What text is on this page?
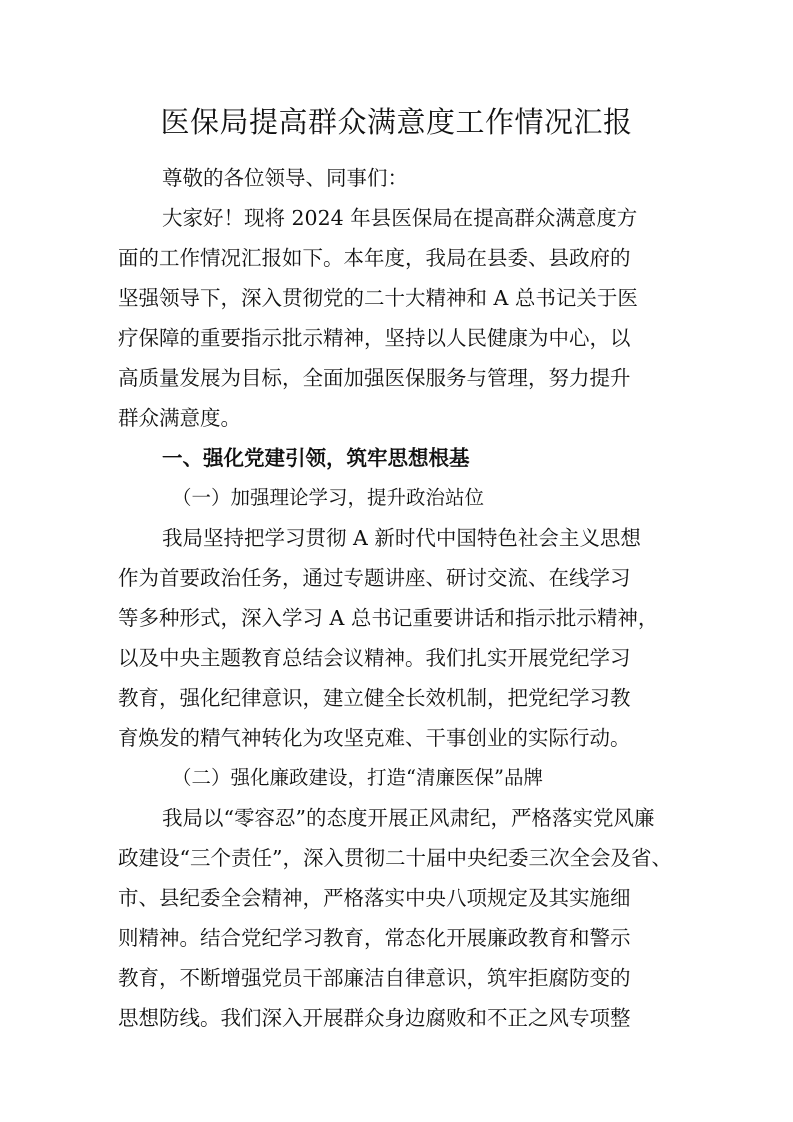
医保局提高群众满意度工作情况汇报

尊敬的各位领导、同事们：

大家好！现将 2024 年县医保局在提高群众满意度方

面的工作情况汇报如下。本年度，我局在县委、县政府的

坚强领导下，深入贯彻党的二十大精神和 A 总书记关于医

疗保障的重要指示批示精神，坚持以人民健康为中心，以

高质量发展为目标，全面加强医保服务与管理，努力提升

群众满意度。

一、强化党建引领，筑牢思想根基

（一）加强理论学习，提升政治站位

我局坚持把学习贯彻 A 新时代中国特色社会主义思想

作为首要政治任务，通过专题讲座、研讨交流、在线学习

等多种形式，深入学习 A 总书记重要讲话和指示批示精神，

以及中央主题教育总结会议精神。我们扎实开展党纪学习

教育，强化纪律意识，建立健全长效机制，把党纪学习教

育焕发的精气神转化为攻坚克难、干事创业的实际行动。

（二）强化廉政建设，打造“清廉医保”品牌

我局以“零容忍”的态度开展正风肃纪，严格落实党风廉

政建设“三个责任”，深入贯彻二十届中央纪委三次全会及省、

市、县纪委全会精神，严格落实中央八项规定及其实施细

则精神。结合党纪学习教育，常态化开展廉政教育和警示

教育，不断增强党员干部廉洁自律意识，筑牢拒腐防变的

思想防线。我们深入开展群众身边腐败和不正之风专项整
